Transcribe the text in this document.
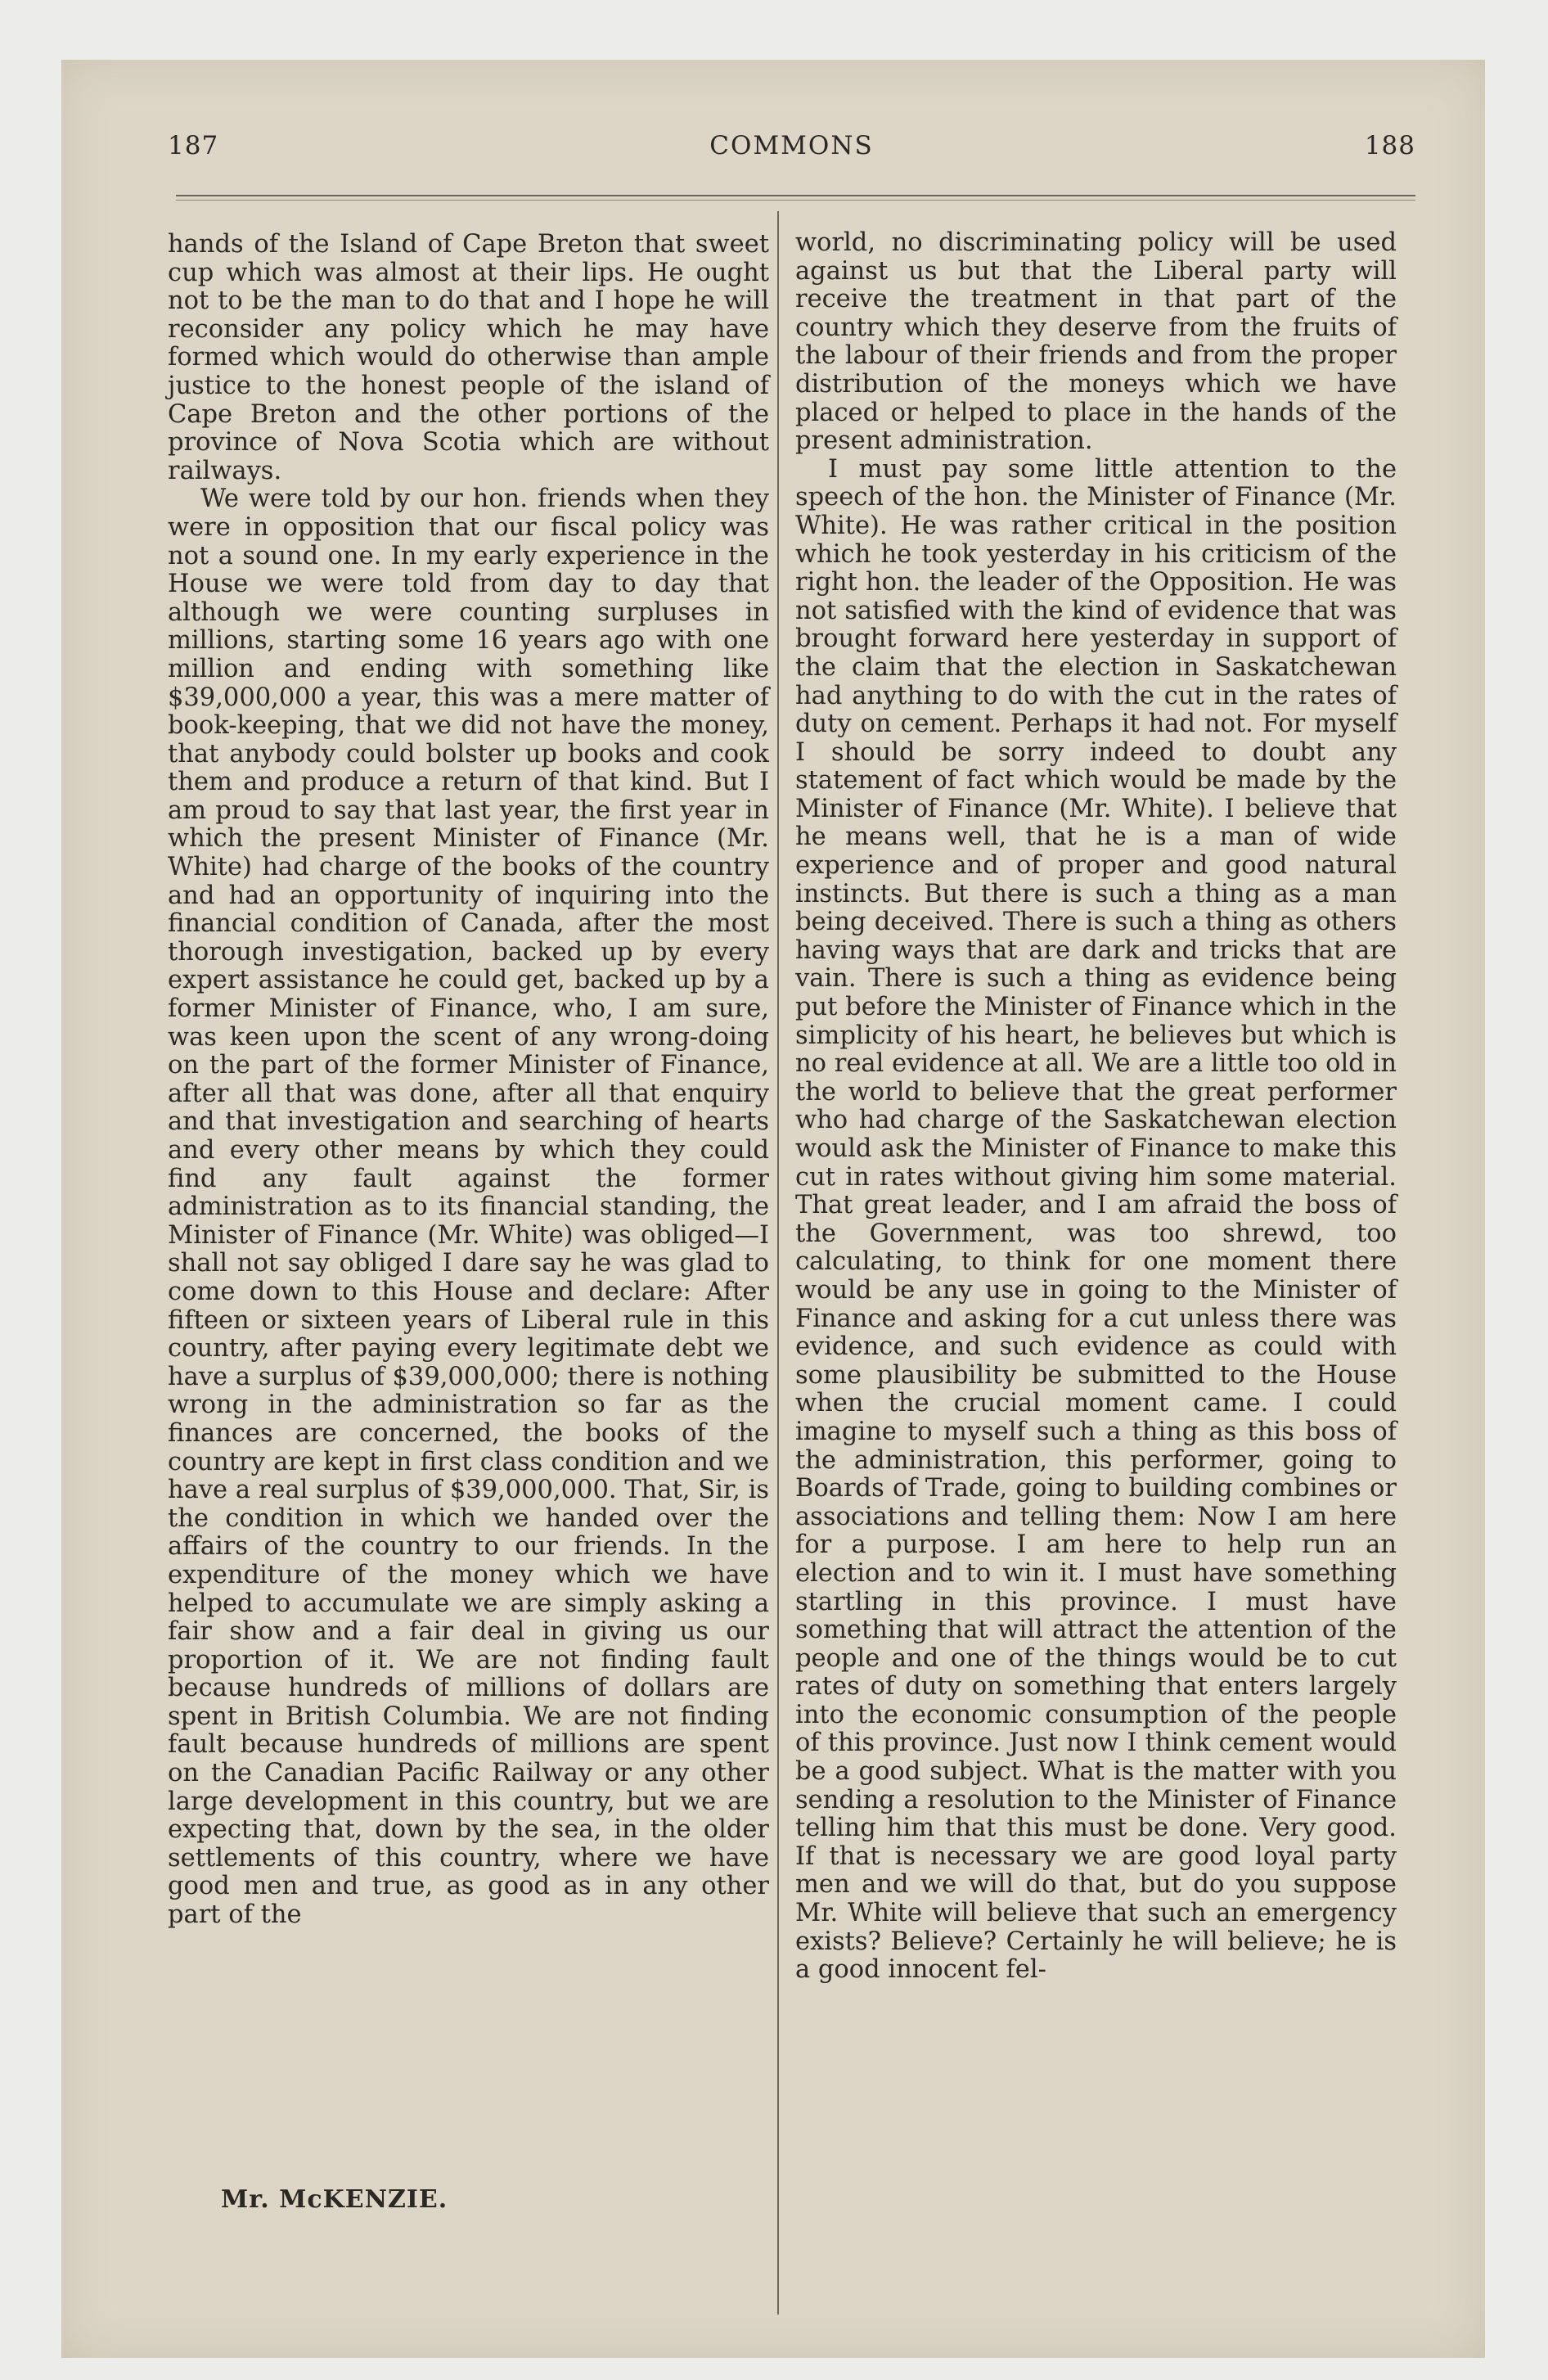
187	COMMONS	188

hands of the Island of Cape Breton that sweet cup which was almost at their lips. He ought not to be the man to do that and I hope he will reconsider any policy which he may have formed which would do otherwise than ample justice to the honest people of the island of Cape Breton and the other portions of the province of Nova Scotia which are without railways.

We were told by our hon. friends when they were in opposition that our fiscal policy was not a sound one. In my early experience in the House we were told from day to day that although we were counting surpluses in millions, starting some 16 years ago with one million and ending with something like $39,000,000 a year, this was a mere matter of book-keeping, that we did not have the money, that anybody could bolster up books and cook them and produce a return of that kind. But I am proud to say that last year, the first year in which the present Minister of Finance (Mr. White) had charge of the books of the country and had an opportunity of inquiring into the financial condition of Canada, after the most thorough investigation, backed up by every expert assistance he could get, backed up by a former Minister of Finance, who, I am sure, was keen upon the scent of any wrong-doing on the part of the former Minister of Finance, after all that was done, after all that enquiry and that investigation and searching of hearts and every other means by which they could find any fault against the former administration as to its financial standing, the Minister of Finance (Mr. White) was obliged—I shall not say obliged I dare say he was glad to come down to this House and declare: After fifteen or sixteen years of Liberal rule in this country, after paying every legitimate debt we have a surplus of $39,000,000; there is nothing wrong in the administration so far as the finances are concerned, the books of the country are kept in first class condition and we have a real surplus of $39,000,000. That, Sir, is the condition in which we handed over the affairs of the country to our friends. In the expenditure of the money which we have helped to accumulate we are simply asking a fair show and a fair deal in giving us our proportion of it. We are not finding fault because hundreds of millions of dollars are spent in British Columbia. We are not finding fault because hundreds of millions are spent on the Canadian Pacific Railway or any other large development in this country, but we are expecting that, down by the sea, in the older settlements of this country, where we have good men and true, as good as in any other part of the

world, no discriminating policy will be used against us but that the Liberal party will receive the treatment in that part of the country which they deserve from the fruits of the labour of their friends and from the proper distribution of the moneys which we have placed or helped to place in the hands of the present administration.

I must pay some little attention to the speech of the hon. the Minister of Finance (Mr. White). He was rather critical in the position which he took yesterday in his criticism of the right hon. the leader of the Opposition. He was not satisfied with the kind of evidence that was brought forward here yesterday in support of the claim that the election in Saskatchewan had anything to do with the cut in the rates of duty on cement. Perhaps it had not. For myself I should be sorry indeed to doubt any statement of fact which would be made by the Minister of Finance (Mr. White). I believe that he means well, that he is a man of wide experience and of proper and good natural instincts. But there is such a thing as a man being deceived. There is such a thing as others having ways that are dark and tricks that are vain. There is such a thing as evidence being put before the Minister of Finance which in the simplicity of his heart, he believes but which is no real evidence at all. We are a little too old in the world to believe that the great performer who had charge of the Saskatchewan election would ask the Minister of Finance to make this cut in rates without giving him some material. That great leader, and I am afraid the boss of the Government, was too shrewd, too calculating, to think for one moment there would be any use in going to the Minister of Finance and asking for a cut unless there was evidence, and such evidence as could with some plausibility be submitted to the House when the crucial moment came. I could imagine to myself such a thing as this boss of the administration, this performer, going to Boards of Trade, going to building combines or associations and telling them: Now I am here for a purpose. I am here to help run an election and to win it. I must have something startling in this province. I must have something that will attract the attention of the people and one of the things would be to cut rates of duty on something that enters largely into the economic consumption of the people of this province. Just now I think cement would be a good subject. What is the matter with you sending a resolution to the Minister of Finance telling him that this must be done. Very good. If that is necessary we are good loyal party men and we will do that, but do you suppose Mr. White will believe that such an emergency exists? Believe? Certainly he will believe; he is a good innocent fel-

Mr. McKENZIE.
